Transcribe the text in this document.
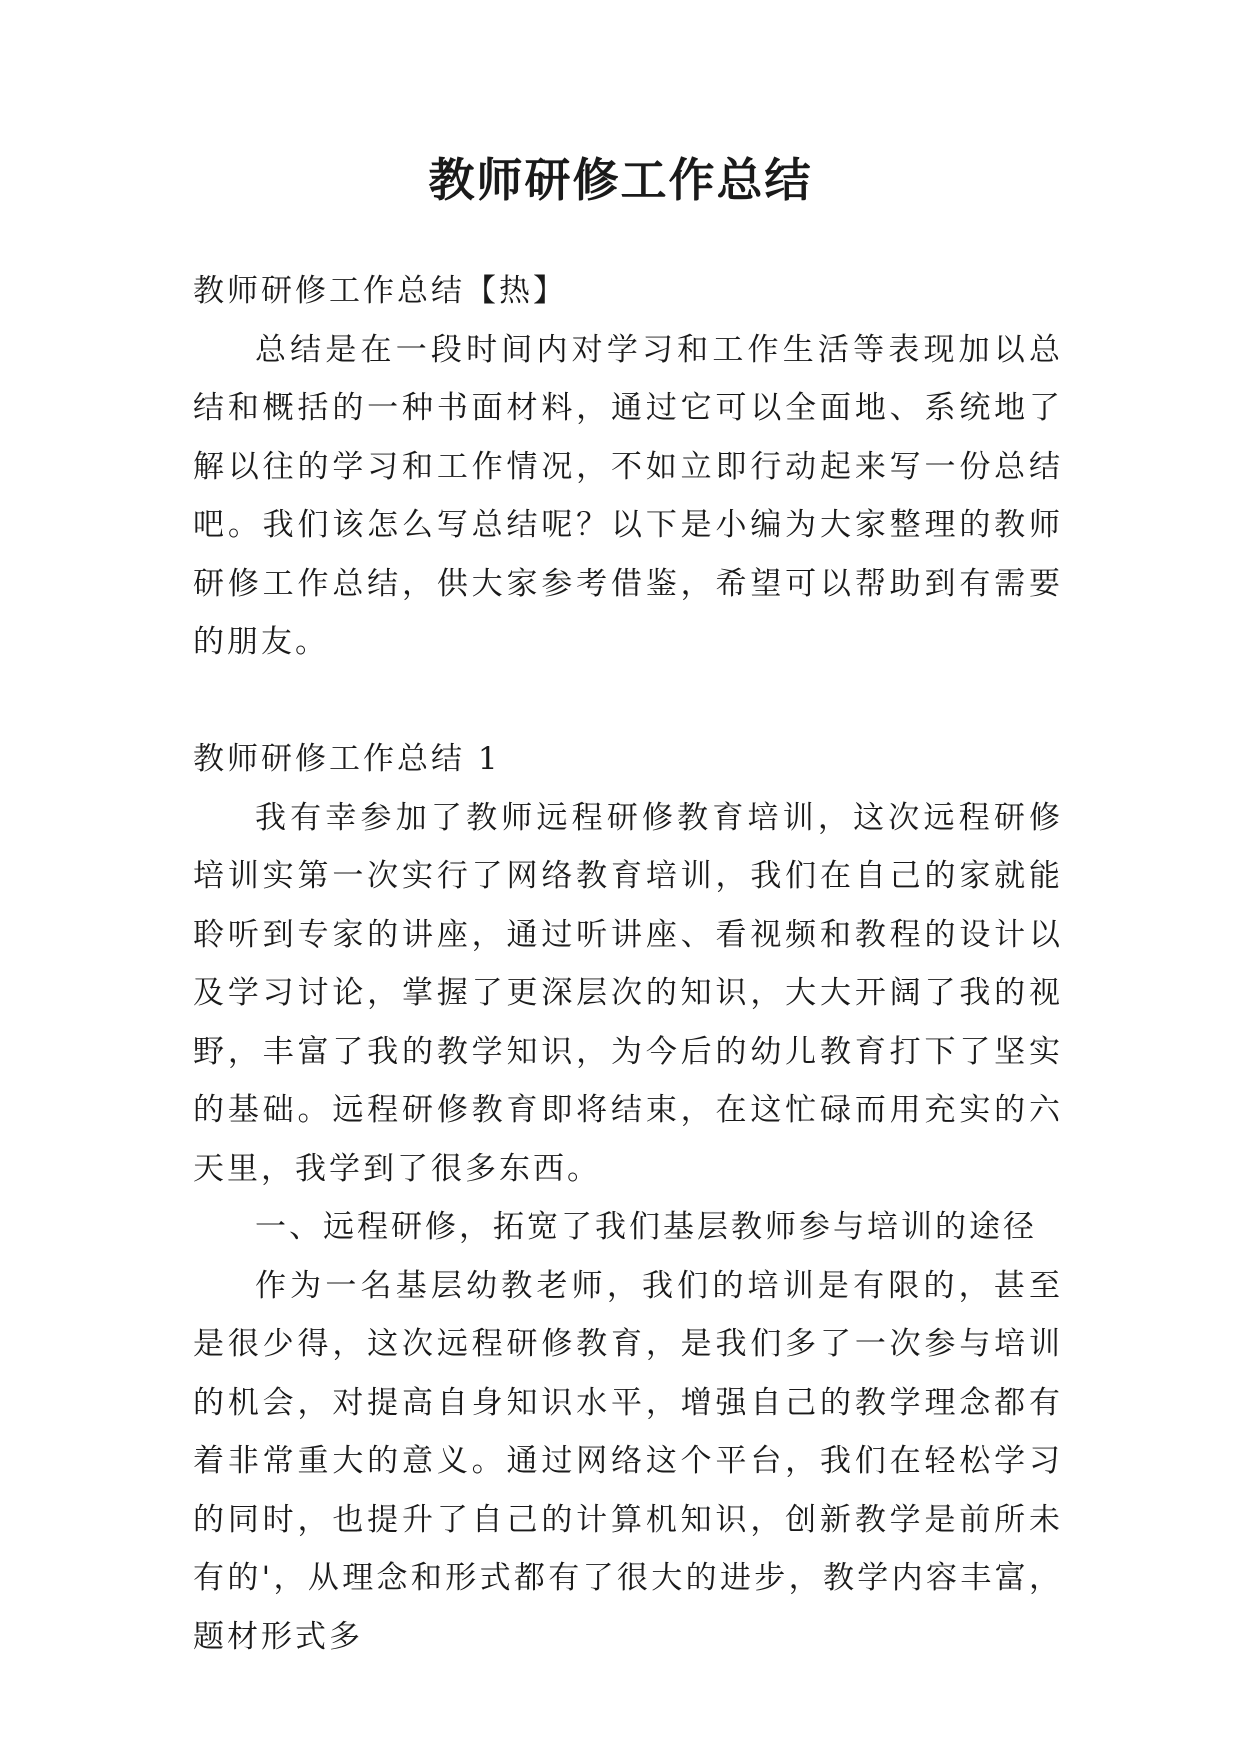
教师研修工作总结

教师研修工作总结【热】

总结是在一段时间内对学习和工作生活等表现加以总结和概括的一种书面材料，通过它可以全面地、系统地了解以往的学习和工作情况，不如立即行动起来写一份总结吧。我们该怎么写总结呢？以下是小编为大家整理的教师研修工作总结，供大家参考借鉴，希望可以帮助到有需要的朋友。

教师研修工作总结 1

我有幸参加了教师远程研修教育培训，这次远程研修培训实第一次实行了网络教育培训，我们在自己的家就能聆听到专家的讲座，通过听讲座、看视频和教程的设计以及学习讨论，掌握了更深层次的知识，大大开阔了我的视野，丰富了我的教学知识，为今后的幼儿教育打下了坚实的基础。远程研修教育即将结束，在这忙碌而用充实的六天里，我学到了很多东西。

一、远程研修，拓宽了我们基层教师参与培训的途径

作为一名基层幼教老师，我们的培训是有限的，甚至是很少得，这次远程研修教育，是我们多了一次参与培训的机会，对提高自身知识水平，增强自己的教学理念都有着非常重大的意义。通过网络这个平台，我们在轻松学习的同时，也提升了自己的计算机知识，创新教学是前所未有的'，从理念和形式都有了很大的进步，教学内容丰富，题材形式多
